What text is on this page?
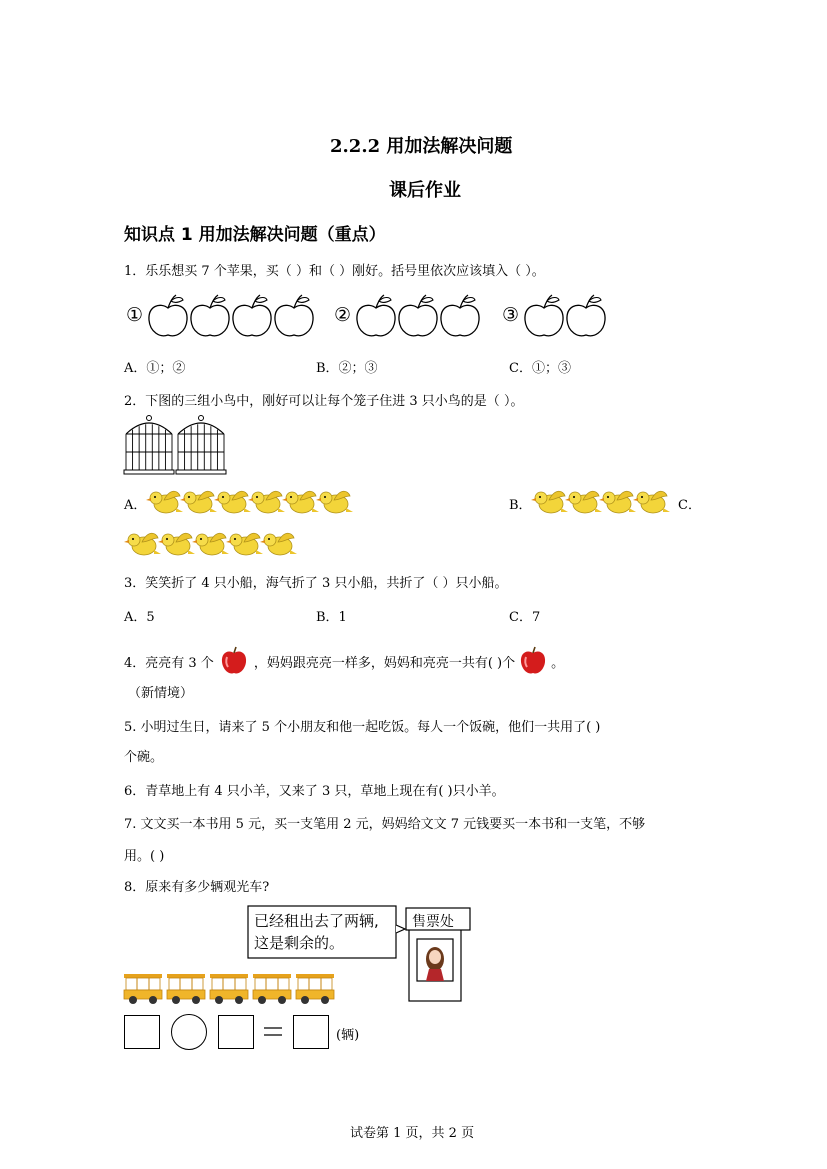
2.2.2 用加法解决问题
课后作业
知识点 1 用加法解决问题（重点）
1．乐乐想买 7 个苹果，买（ ）和（ ）刚好。括号里依次应该填入（ ）。
①	②	③
A．①；②	B．②；③	C．①；③
2．下图的三组小鸟中，刚好可以让每个笼子住进 3 只小鸟的是（ ）。
A．	B．	C．
3．笑笑折了 4 只小船，海气折了 3 只小船，共折了（ ）只小船。
A．5	B．1	C．7
4．亮亮有 3 个	，妈妈跟亮亮一样多，妈妈和亮亮一共有( )个	。
（新情境）
5. 小明过生日，请来了 5 个小朋友和他一起吃饭。每人一个饭碗，他们一共用了( )
个碗。
6．青草地上有 4 只小羊，又来了 3 只，草地上现在有( )只小羊。
7. 文文买一本书用 5 元，买一支笔用 2 元，妈妈给文文 7 元钱要买一本书和一支笔，不够
用。( )
8．原来有多少辆观光车?
已经租出去了两辆,
这是剩余的。
售票处
(辆)
试卷第 1 页，共 2 页
